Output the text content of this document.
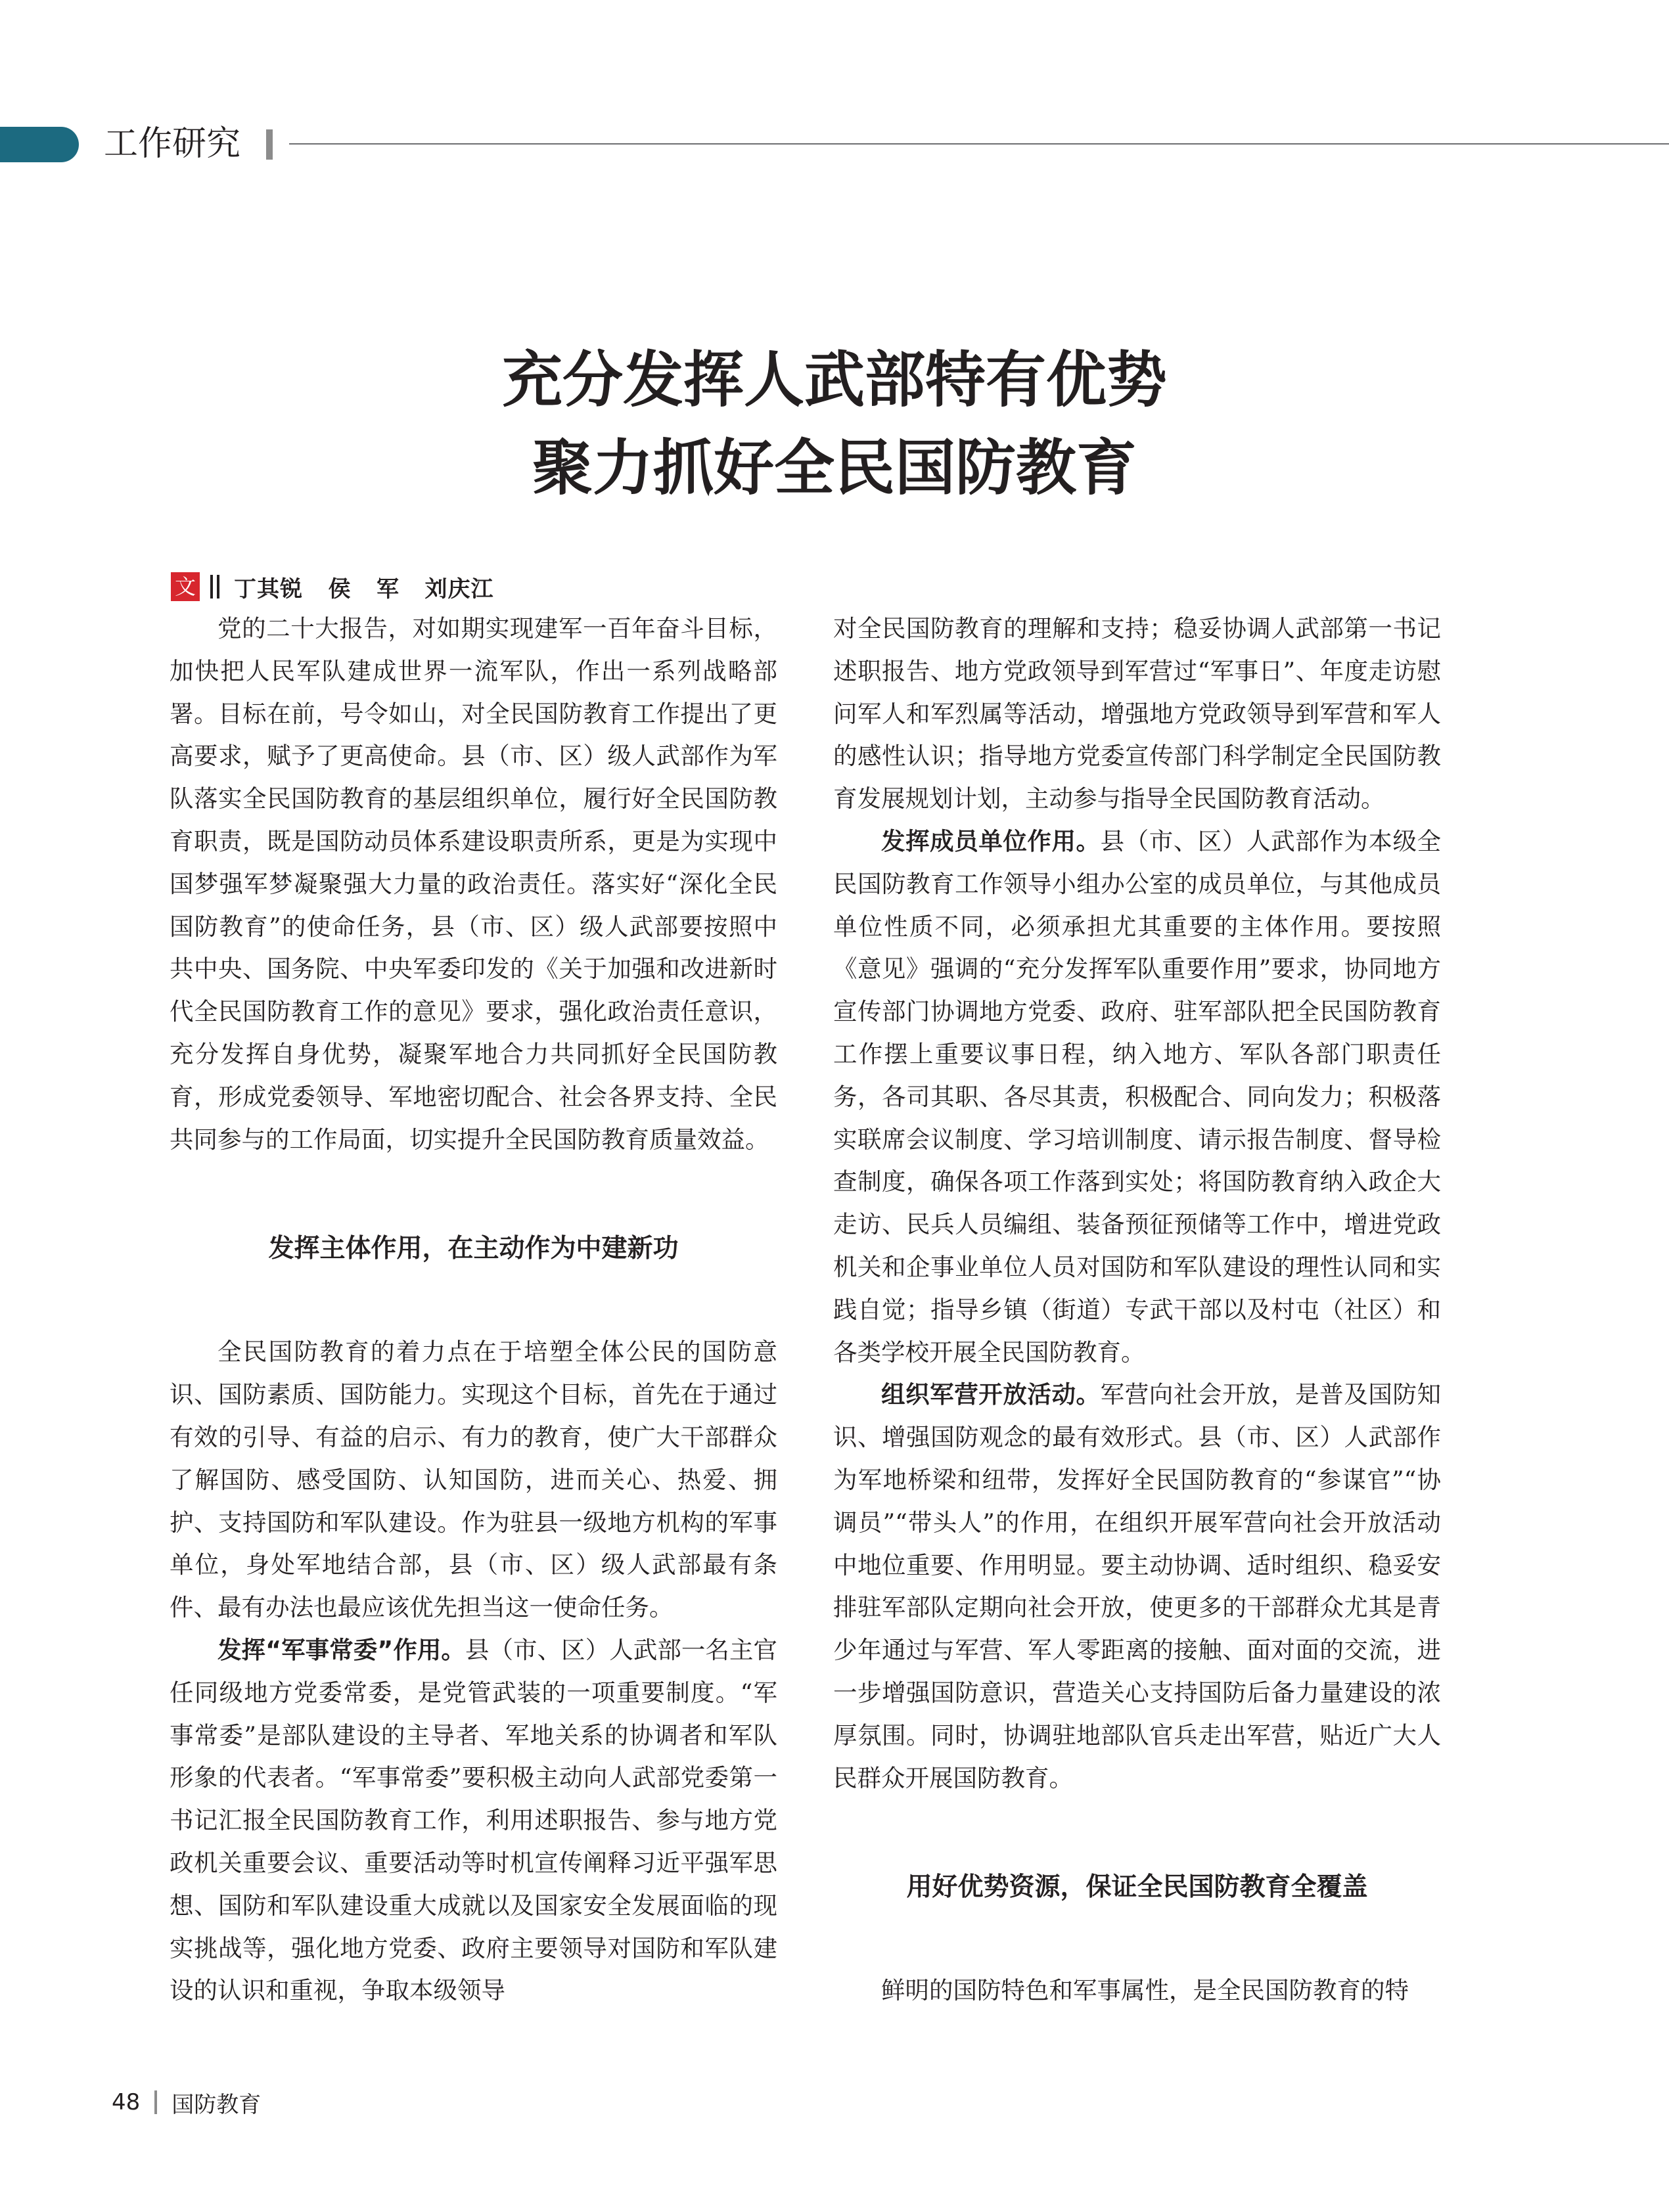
工作研究
充分发挥人武部特有优势
聚力抓好全民国防教育
文 丁其锐   侯   军   刘庆江

党的二十大报告，对如期实现建军一百年奋斗目标，加快把人民军队建成世界一流军队，作出一系列战略部署。目标在前，号令如山，对全民国防教育工作提出了更高要求，赋予了更高使命。县（市、区）级人武部作为军队落实全民国防教育的基层组织单位，履行好全民国防教育职责，既是国防动员体系建设职责所系，更是为实现中国梦强军梦凝聚强大力量的政治责任。落实好“深化全民国防教育”的使命任务，县（市、区）级人武部要按照中共中央、国务院、中央军委印发的《关于加强和改进新时代全民国防教育工作的意见》要求，强化政治责任意识，充分发挥自身优势，凝聚军地合力共同抓好全民国防教育，形成党委领导、军地密切配合、社会各界支持、全民共同参与的工作局面，切实提升全民国防教育质量效益。

发挥主体作用，在主动作为中建新功

全民国防教育的着力点在于培塑全体公民的国防意识、国防素质、国防能力。实现这个目标，首先在于通过有效的引导、有益的启示、有力的教育，使广大干部群众了解国防、感受国防、认知国防，进而关心、热爱、拥护、支持国防和军队建设。作为驻县一级地方机构的军事单位，身处军地结合部，县（市、区）级人武部最有条件、最有办法也最应该优先担当这一使命任务。

发挥“军事常委”作用。县（市、区）人武部一名主官任同级地方党委常委，是党管武装的一项重要制度。“军事常委”是部队建设的主导者、军地关系的协调者和军队形象的代表者。“军事常委”要积极主动向人武部党委第一书记汇报全民国防教育工作，利用述职报告、参与地方党政机关重要会议、重要活动等时机宣传阐释习近平强军思想、国防和军队建设重大成就以及国家安全发展面临的现实挑战等，强化地方党委、政府主要领导对国防和军队建设的认识和重视，争取本级领导

对全民国防教育的理解和支持；稳妥协调人武部第一书记述职报告、地方党政领导到军营过“军事日”、年度走访慰问军人和军烈属等活动，增强地方党政领导到军营和军人的感性认识；指导地方党委宣传部门科学制定全民国防教育发展规划计划，主动参与指导全民国防教育活动。

发挥成员单位作用。县（市、区）人武部作为本级全民国防教育工作领导小组办公室的成员单位，与其他成员单位性质不同，必须承担尤其重要的主体作用。要按照《意见》强调的“充分发挥军队重要作用”要求，协同地方宣传部门协调地方党委、政府、驻军部队把全民国防教育工作摆上重要议事日程，纳入地方、军队各部门职责任务，各司其职、各尽其责，积极配合、同向发力；积极落实联席会议制度、学习培训制度、请示报告制度、督导检查制度，确保各项工作落到实处；将国防教育纳入政企大走访、民兵人员编组、装备预征预储等工作中，增进党政机关和企事业单位人员对国防和军队建设的理性认同和实践自觉；指导乡镇（街道）专武干部以及村屯（社区）和各类学校开展全民国防教育。

组织军营开放活动。军营向社会开放，是普及国防知识、增强国防观念的最有效形式。县（市、区）人武部作为军地桥梁和纽带，发挥好全民国防教育的“参谋官”“协调员”“带头人”的作用，在组织开展军营向社会开放活动中地位重要、作用明显。要主动协调、适时组织、稳妥安排驻军部队定期向社会开放，使更多的干部群众尤其是青少年通过与军营、军人零距离的接触、面对面的交流，进一步增强国防意识，营造关心支持国防后备力量建设的浓厚氛围。同时，协调驻地部队官兵走出军营，贴近广大人民群众开展国防教育。

用好优势资源，保证全民国防教育全覆盖

鲜明的国防特色和军事属性，是全民国防教育的特

48 国防教育
